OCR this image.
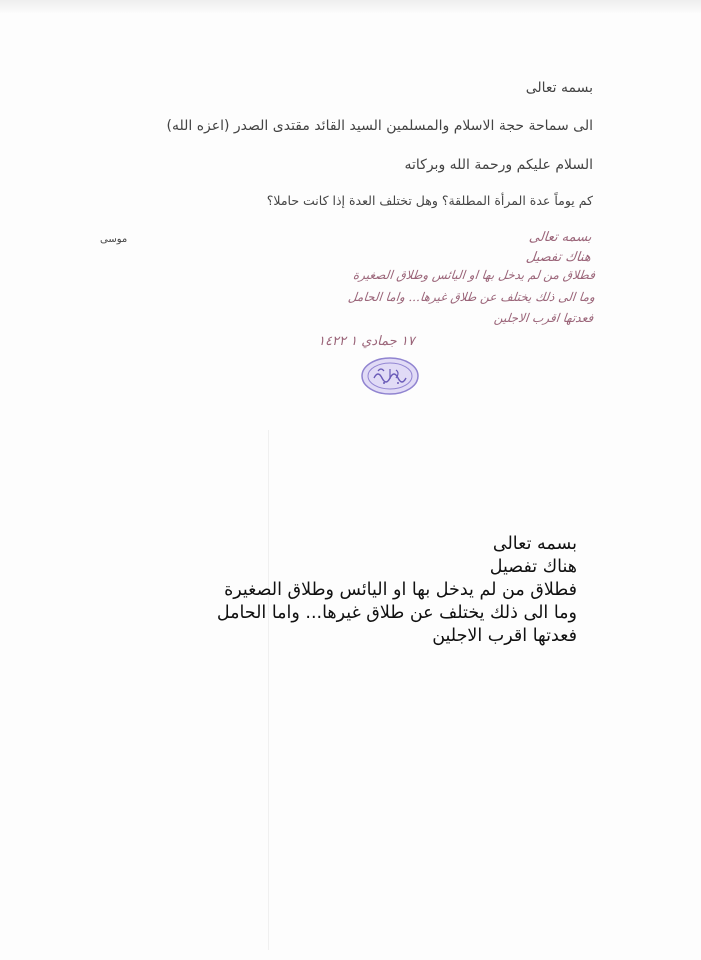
بسمه تعالى
الى سماحة حجة الاسلام والمسلمين السيد القائد مقتدى الصدر (اعزه الله)
السلام عليكم ورحمة الله وبركاته
كم يوماً عدة المرأة المطلقة؟ وهل تختلف العدة إذا كانت حاملا؟
موسى	بسمه تعالى
هناك تفصيل
فطلاق من لم يدخل بها او اليائس وطلاق الصغيرة
وما الى ذلك يختلف عن طلاق غيرها... واما الحامل
فعدتها اقرب الاجلين
١٧ جمادي ١ ١٤٢٢
بسمه تعالى
هناك تفصيل
فطلاق من لم يدخل بها او اليائس وطلاق الصغيرة
وما الى ذلك يختلف عن طلاق غيرها... واما الحامل
فعدتها اقرب الاجلين
